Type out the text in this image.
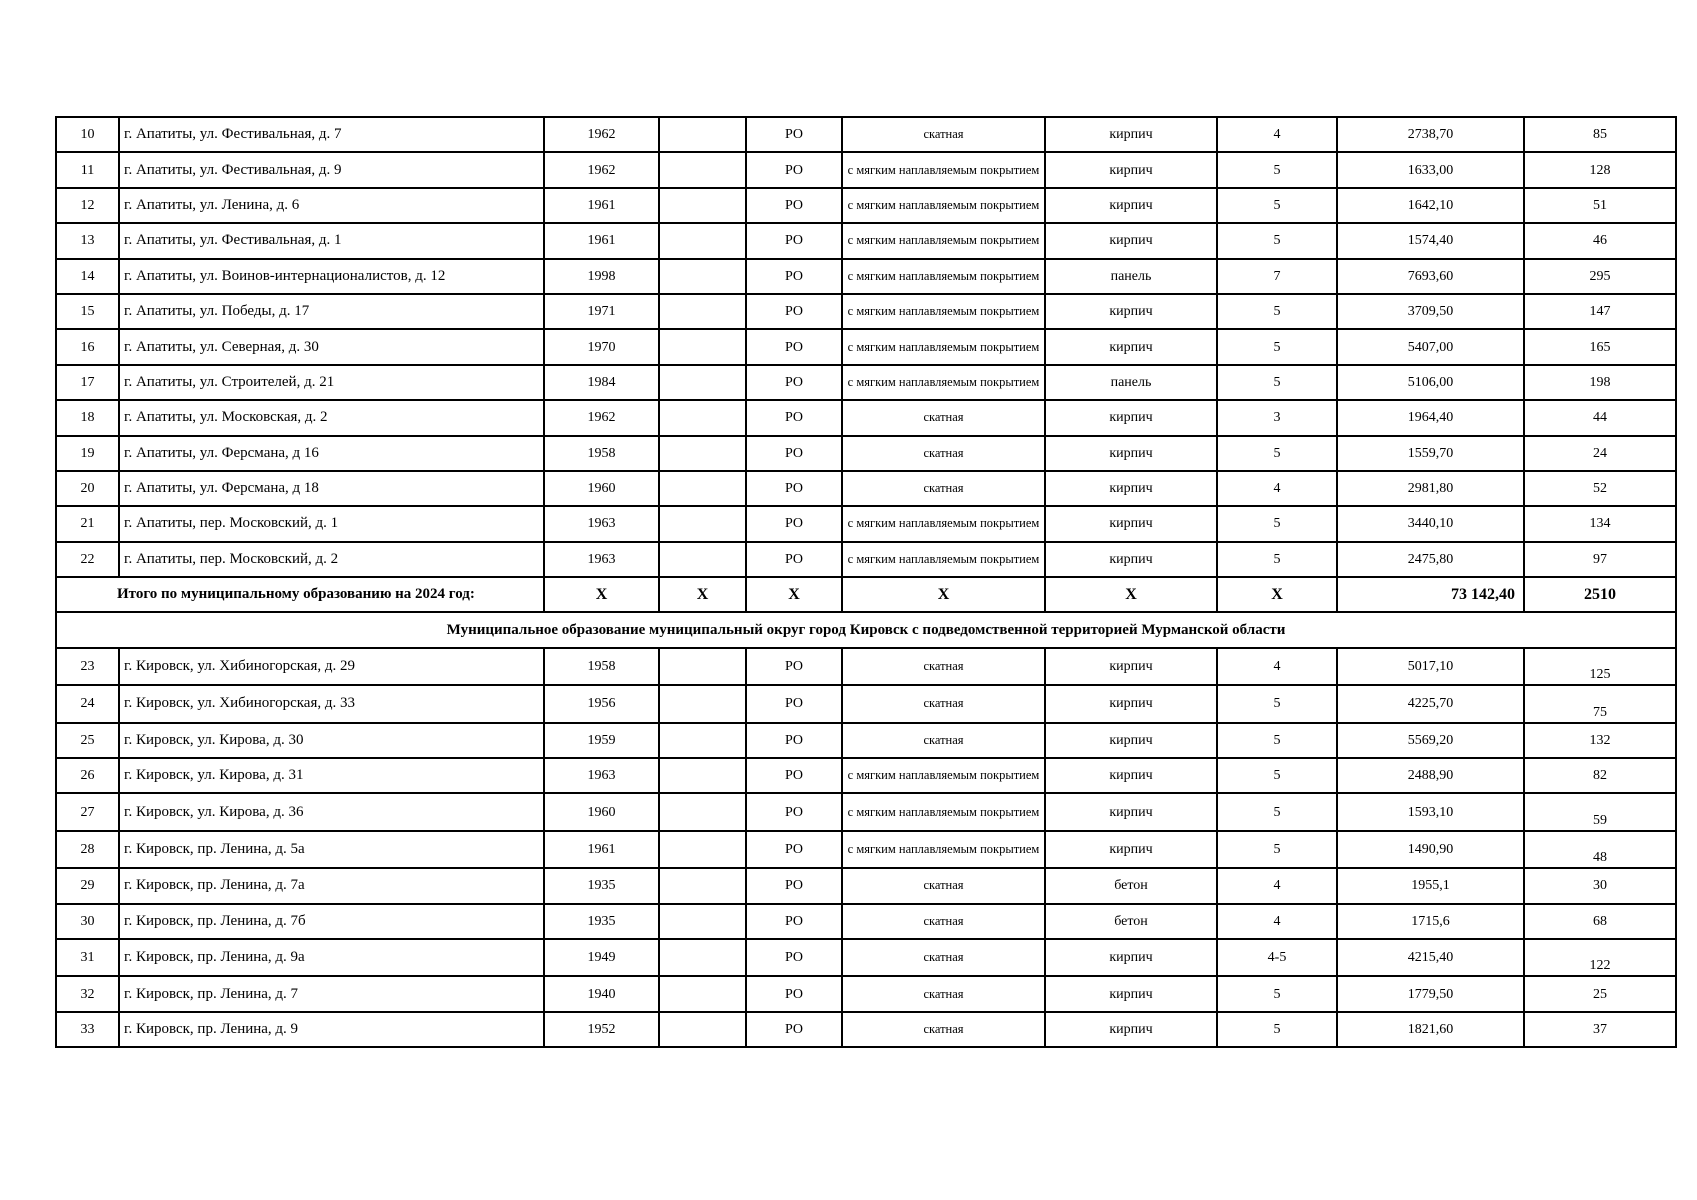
10	г. Апатиты, ул. Фестивальная, д. 7	1962		РО	скатная	кирпич	4	2738,70	85
11	г. Апатиты, ул. Фестивальная, д. 9	1962		РО	с мягким наплавляемым покрытием	кирпич	5	1633,00	128
12	г. Апатиты, ул. Ленина, д. 6	1961		РО	с мягким наплавляемым покрытием	кирпич	5	1642,10	51
13	г. Апатиты, ул. Фестивальная, д. 1	1961		РО	с мягким наплавляемым покрытием	кирпич	5	1574,40	46
14	г. Апатиты, ул. Воинов-интернационалистов, д. 12	1998		РО	с мягким наплавляемым покрытием	панель	7	7693,60	295
15	г. Апатиты, ул. Победы, д. 17	1971		РО	с мягким наплавляемым покрытием	кирпич	5	3709,50	147
16	г. Апатиты, ул. Северная, д. 30	1970		РО	с мягким наплавляемым покрытием	кирпич	5	5407,00	165
17	г. Апатиты, ул. Строителей, д. 21	1984		РО	с мягким наплавляемым покрытием	панель	5	5106,00	198
18	г. Апатиты, ул. Московская, д. 2	1962		РО	скатная	кирпич	3	1964,40	44
19	г. Апатиты, ул. Ферсмана, д 16	1958		РО	скатная	кирпич	5	1559,70	24
20	г. Апатиты, ул. Ферсмана, д 18	1960		РО	скатная	кирпич	4	2981,80	52
21	г. Апатиты, пер. Московский, д. 1	1963		РО	с мягким наплавляемым покрытием	кирпич	5	3440,10	134
22	г. Апатиты, пер. Московский, д. 2	1963		РО	с мягким наплавляемым покрытием	кирпич	5	2475,80	97
Итого по муниципальному образованию на 2024 год:		Х	Х	Х	Х	Х	Х	73 142,40	2510
Муниципальное образование муниципальный округ город Кировск с подведомственной территорией Мурманской области									
23	г. Кировск, ул. Хибиногорская, д. 29	1958		РО	скатная	кирпич	4	5017,10	125
24	г. Кировск, ул. Хибиногорская, д. 33	1956		РО	скатная	кирпич	5	4225,70	75
25	г. Кировск, ул. Кирова, д. 30	1959		РО	скатная	кирпич	5	5569,20	132
26	г. Кировск, ул. Кирова, д. 31	1963		РО	с мягким наплавляемым покрытием	кирпич	5	2488,90	82
27	г. Кировск, ул. Кирова, д. 36	1960		РО	с мягким наплавляемым покрытием	кирпич	5	1593,10	59
28	г. Кировск, пр. Ленина, д. 5а	1961		РО	с мягким наплавляемым покрытием	кирпич	5	1490,90	48
29	г. Кировск, пр. Ленина, д. 7а	1935		РО	скатная	бетон	4	1955,1	30
30	г. Кировск, пр. Ленина, д. 7б	1935		РО	скатная	бетон	4	1715,6	68
31	г. Кировск, пр. Ленина, д. 9а	1949		РО	скатная	кирпич	4-5	4215,40	122
32	г. Кировск, пр. Ленина, д. 7	1940		РО	скатная	кирпич	5	1779,50	25
33	г. Кировск, пр. Ленина, д. 9	1952		РО	скатная	кирпич	5	1821,60	37
